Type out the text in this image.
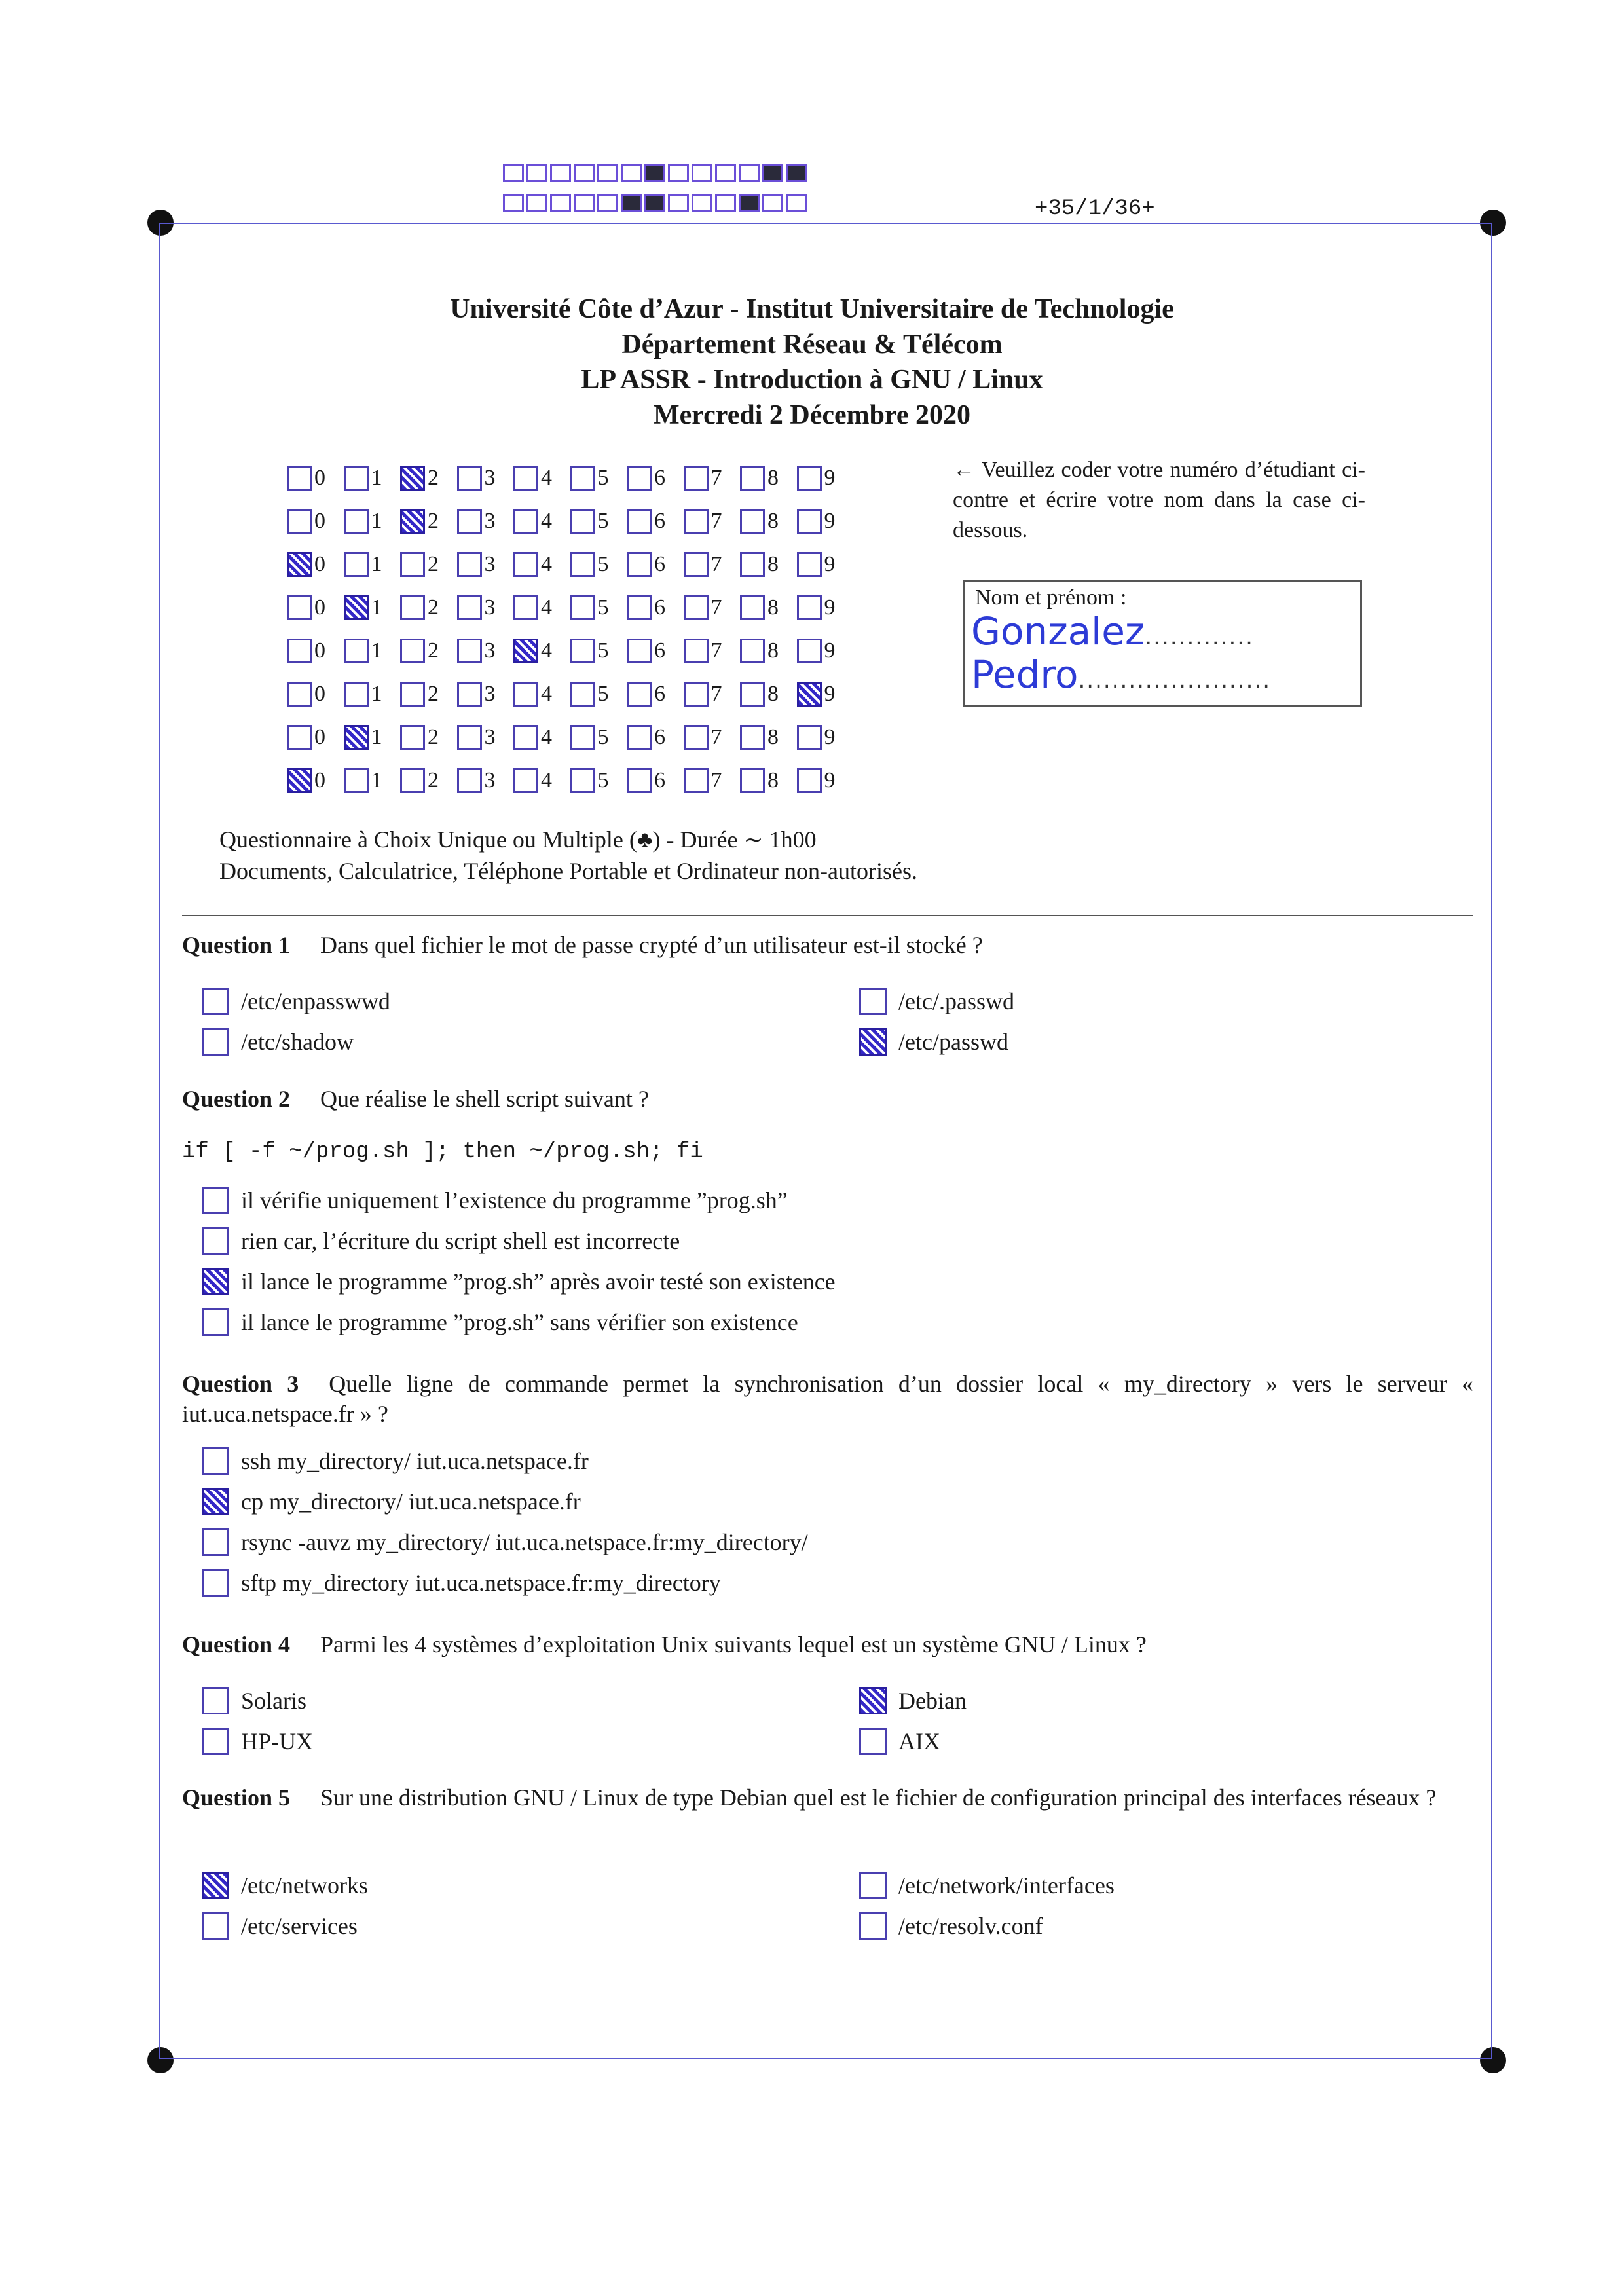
+35/1/36+
Université Côte d’Azur - Institut Universitaire de Technologie
Département Réseau & Télécom
LP ASSR - Introduction à GNU / Linux
Mercredi 2 Décembre 2020
0 1 2 3 4 5 6 7 8 9
0 1 2 3 4 5 6 7 8 9
0 1 2 3 4 5 6 7 8 9
0 1 2 3 4 5 6 7 8 9
0 1 2 3 4 5 6 7 8 9
0 1 2 3 4 5 6 7 8 9
0 1 2 3 4 5 6 7 8 9
0 1 2 3 4 5 6 7 8 9
← Veuillez coder votre numéro d’étudiant ci-contre et écrire votre nom dans la case ci-dessous.
Nom et prénom :
Gonzalez.............
Pedro.......................
Questionnaire à Choix Unique ou Multiple (♣) - Durée ∼ 1h00
Documents, Calculatrice, Téléphone Portable et Ordinateur non-autorisés.
Question 1 Dans quel fichier le mot de passe crypté d’un utilisateur est-il stocké ?
/etc/enpasswwd	/etc/.passwd
/etc/shadow	/etc/passwd
Question 2 Que réalise le shell script suivant ?
if [ -f ~/prog.sh ]; then ~/prog.sh; fi
il vérifie uniquement l’existence du programme ”prog.sh”
rien car, l’écriture du script shell est incorrecte
il lance le programme ”prog.sh” après avoir testé son existence
il lance le programme ”prog.sh” sans vérifier son existence
Question 3 Quelle ligne de commande permet la synchronisation d’un dossier local « my_directory » vers le serveur « iut.uca.netspace.fr » ?
ssh my_directory/ iut.uca.netspace.fr
cp my_directory/ iut.uca.netspace.fr
rsync -auvz my_directory/ iut.uca.netspace.fr:my_directory/
sftp my_directory iut.uca.netspace.fr:my_directory
Question 4 Parmi les 4 systèmes d’exploitation Unix suivants lequel est un système GNU / Linux ?
Solaris	Debian
HP-UX	AIX
Question 5 Sur une distribution GNU / Linux de type Debian quel est le fichier de configuration principal des interfaces réseaux ?
/etc/networks	/etc/network/interfaces
/etc/services	/etc/resolv.conf
